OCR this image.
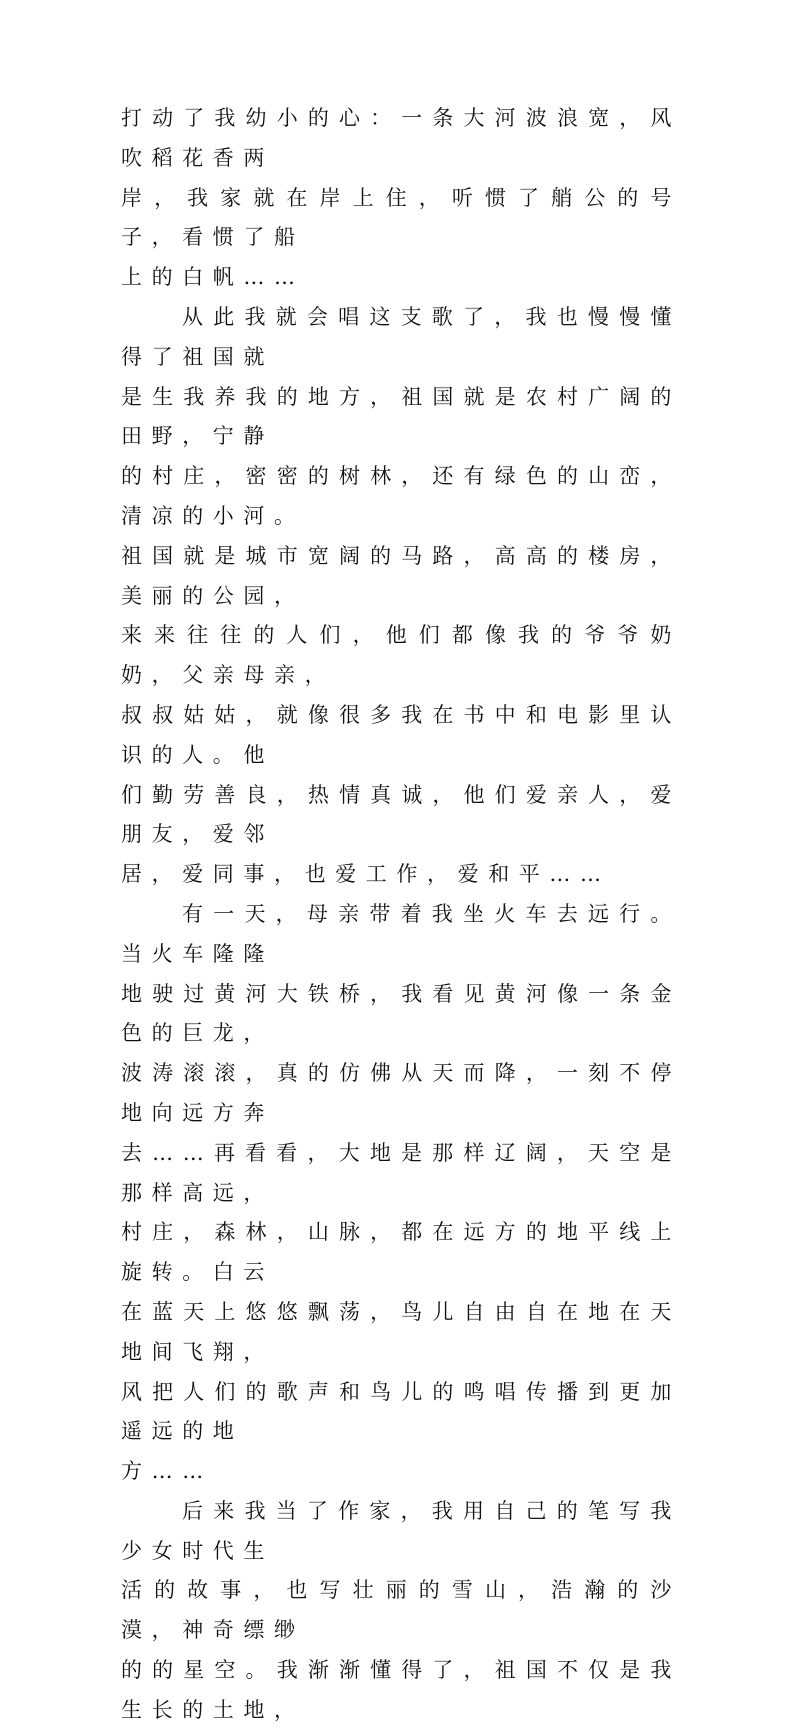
打动了我幼小的心：一条大河波浪宽，风吹稻花香两
岸，我家就在岸上住，听惯了艄公的号子，看惯了船
上的白帆……
从此我就会唱这支歌了，我也慢慢懂得了祖国就
是生我养我的地方，祖国就是农村广阔的田野，宁静
的村庄，密密的树林，还有绿色的山峦，清凉的小河。
祖国就是城市宽阔的马路，高高的楼房，美丽的公园，
来来往往的人们，他们都像我的爷爷奶奶，父亲母亲，
叔叔姑姑，就像很多我在书中和电影里认识的人。他
们勤劳善良，热情真诚，他们爱亲人，爱朋友，爱邻
居，爱同事，也爱工作，爱和平……
有一天，母亲带着我坐火车去远行。当火车隆隆
地驶过黄河大铁桥，我看见黄河像一条金色的巨龙，
波涛滚滚，真的仿佛从天而降，一刻不停地向远方奔
去……再看看，大地是那样辽阔，天空是那样高远，
村庄，森林，山脉，都在远方的地平线上旋转。白云
在蓝天上悠悠飘荡，鸟儿自由自在地在天地间飞翔，
风把人们的歌声和鸟儿的鸣唱传播到更加遥远的地
方……
后来我当了作家，我用自己的笔写我少女时代生
活的故事，也写壮丽的雪山，浩瀚的沙漠，神奇缥缈
的的星空。我渐渐懂得了，祖国不仅是我生长的土地，
